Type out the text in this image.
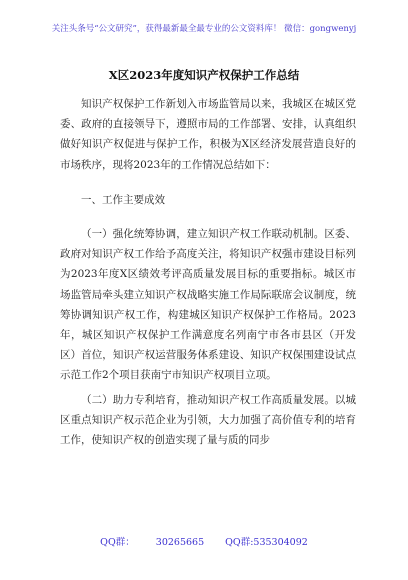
关注头条号“公文研究”，获得最新最全最专业的公文资料库！ 微信：gongwenyj
X区2023年度知识产权保护工作总结

知识产权保护工作新划入市场监管局以来，我城区在城区党委、政府的直接领导下，遵照市局的工作部署、安排，认真组织做好知识产权促进与保护工作，积极为X区经济发展营造良好的市场秩序，现将2023年的工作情况总结如下：

一、工作主要成效

（一）强化统筹协调，建立知识产权工作联动机制。区委、政府对知识产权工作给予高度关注，将知识产权强市建设目标列为2023年度X区绩效考评高质量发展目标的重要指标。城区市场监管局牵头建立知识产权战略实施工作局际联席会议制度，统筹协调知识产权工作，构建城区知识产权保护工作格局。2023年，城区知识产权保护工作满意度名列南宁市各市县区（开发区）首位，知识产权运营服务体系建设、知识产权保围建设试点示范工作2个项目获南宁市知识产权项目立项。

（二）助力专利培育，推动知识产权工作高质量发展。以城区重点知识产权示范企业为引领，大力加强了高价值专利的培育工作，使知识产权的创造实现了量与质的同步

QQ群： 30265665 QQ群:535304092
